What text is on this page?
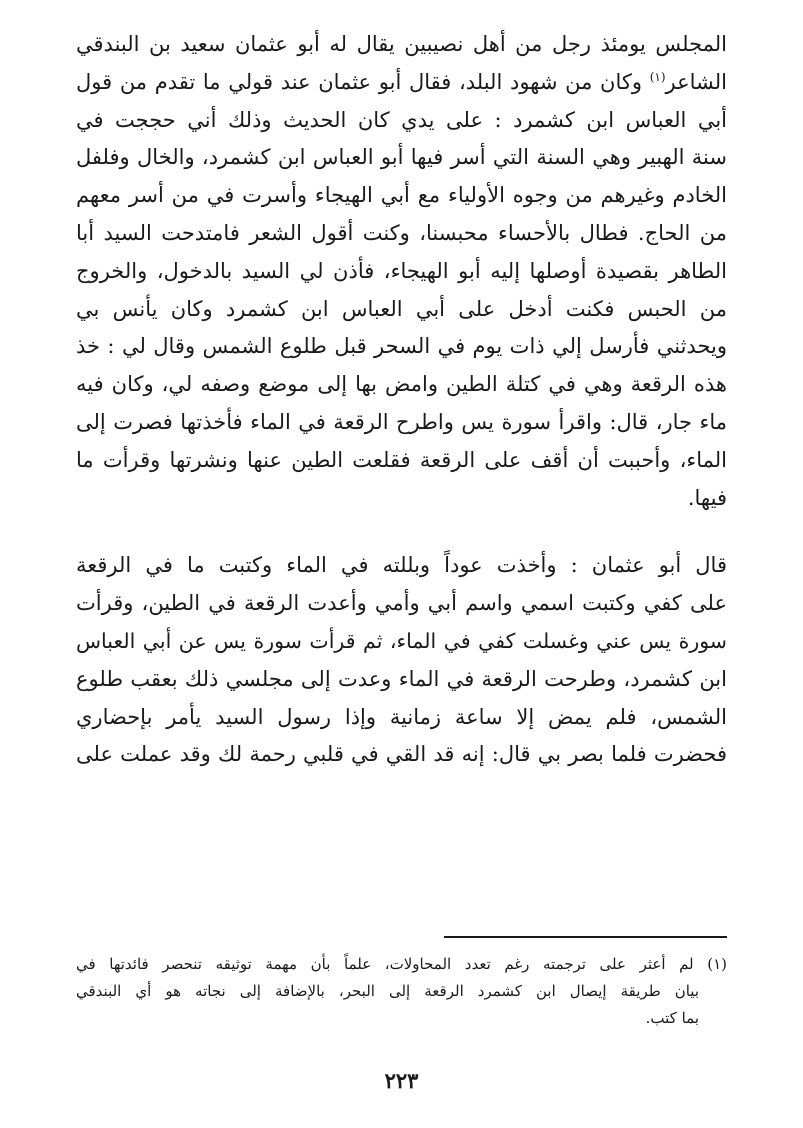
المجلس يومئذ رجل من أهل نصيبين يقال له أبو عثمان سعيد بن البندقي
الشاعر$^{(١)}$ وكان من شهود البلد، فقال أبو عثمان عند قولي ما تقدم من قول
أبي العباس ابن كشمرد : على يدي كان الحديث وذلك أني حججت في
سنة الهبير وهي السنة التي أسر فيها أبو العباس ابن كشمرد، والخال وفلفل
الخادم وغيرهم من وجوه الأولياء مع أبي الهيجاء وأسرت في من أسر معهم
من الحاج. فطال بالأحساء محبسنا، وكنت أقول الشعر فامتدحت السيد أبا
الطاهر بقصيدة أوصلها إليه أبو الهيجاء، فأذن لي السيد بالدخول، والخروج
من الحبس فكنت أدخل على أبي العباس ابن كشمرد وكان يأنس بي
ويحدثني فأرسل إلي ذات يوم في السحر قبل طلوع الشمس وقال لي : خذ
هذه الرقعة وهي في كتلة الطين وامض بها إلى موضع وصفه لي، وكان فيه
ماء جار، قال: واقرأ سورة يس واطرح الرقعة في الماء فأخذتها فصرت إلى
الماء، وأحببت أن أقف على الرقعة فقلعت الطين عنها ونشرتها وقرأت ما
فيها.
قال أبو عثمان : وأخذت عوداً وبللته في الماء وكتبت ما في الرقعة
على كفي وكتبت اسمي واسم أبي وأمي وأعدت الرقعة في الطين، وقرأت
سورة يس عني وغسلت كفي في الماء، ثم قرأت سورة يس عن أبي العباس
ابن كشمرد، وطرحت الرقعة في الماء وعدت إلى مجلسي ذلك بعقب طلوع
الشمس، فلم يمض إلا ساعة زمانية وإذا رسول السيد يأمر بإحضاري
فحضرت فلما بصر بي قال: إنه قد القي في قلبي رحمة لك وقد عملت على
(١) لم أعثر على ترجمته رغم تعدد المحاولات، علماً بأن مهمة توثيقه تنحصر فائدتها في
بيان طريقة إيصال ابن كشمرد الرقعة إلى البحر، بالإضافة إلى نجاته هو أي البندقي
بما كتب.
٢٢٣
